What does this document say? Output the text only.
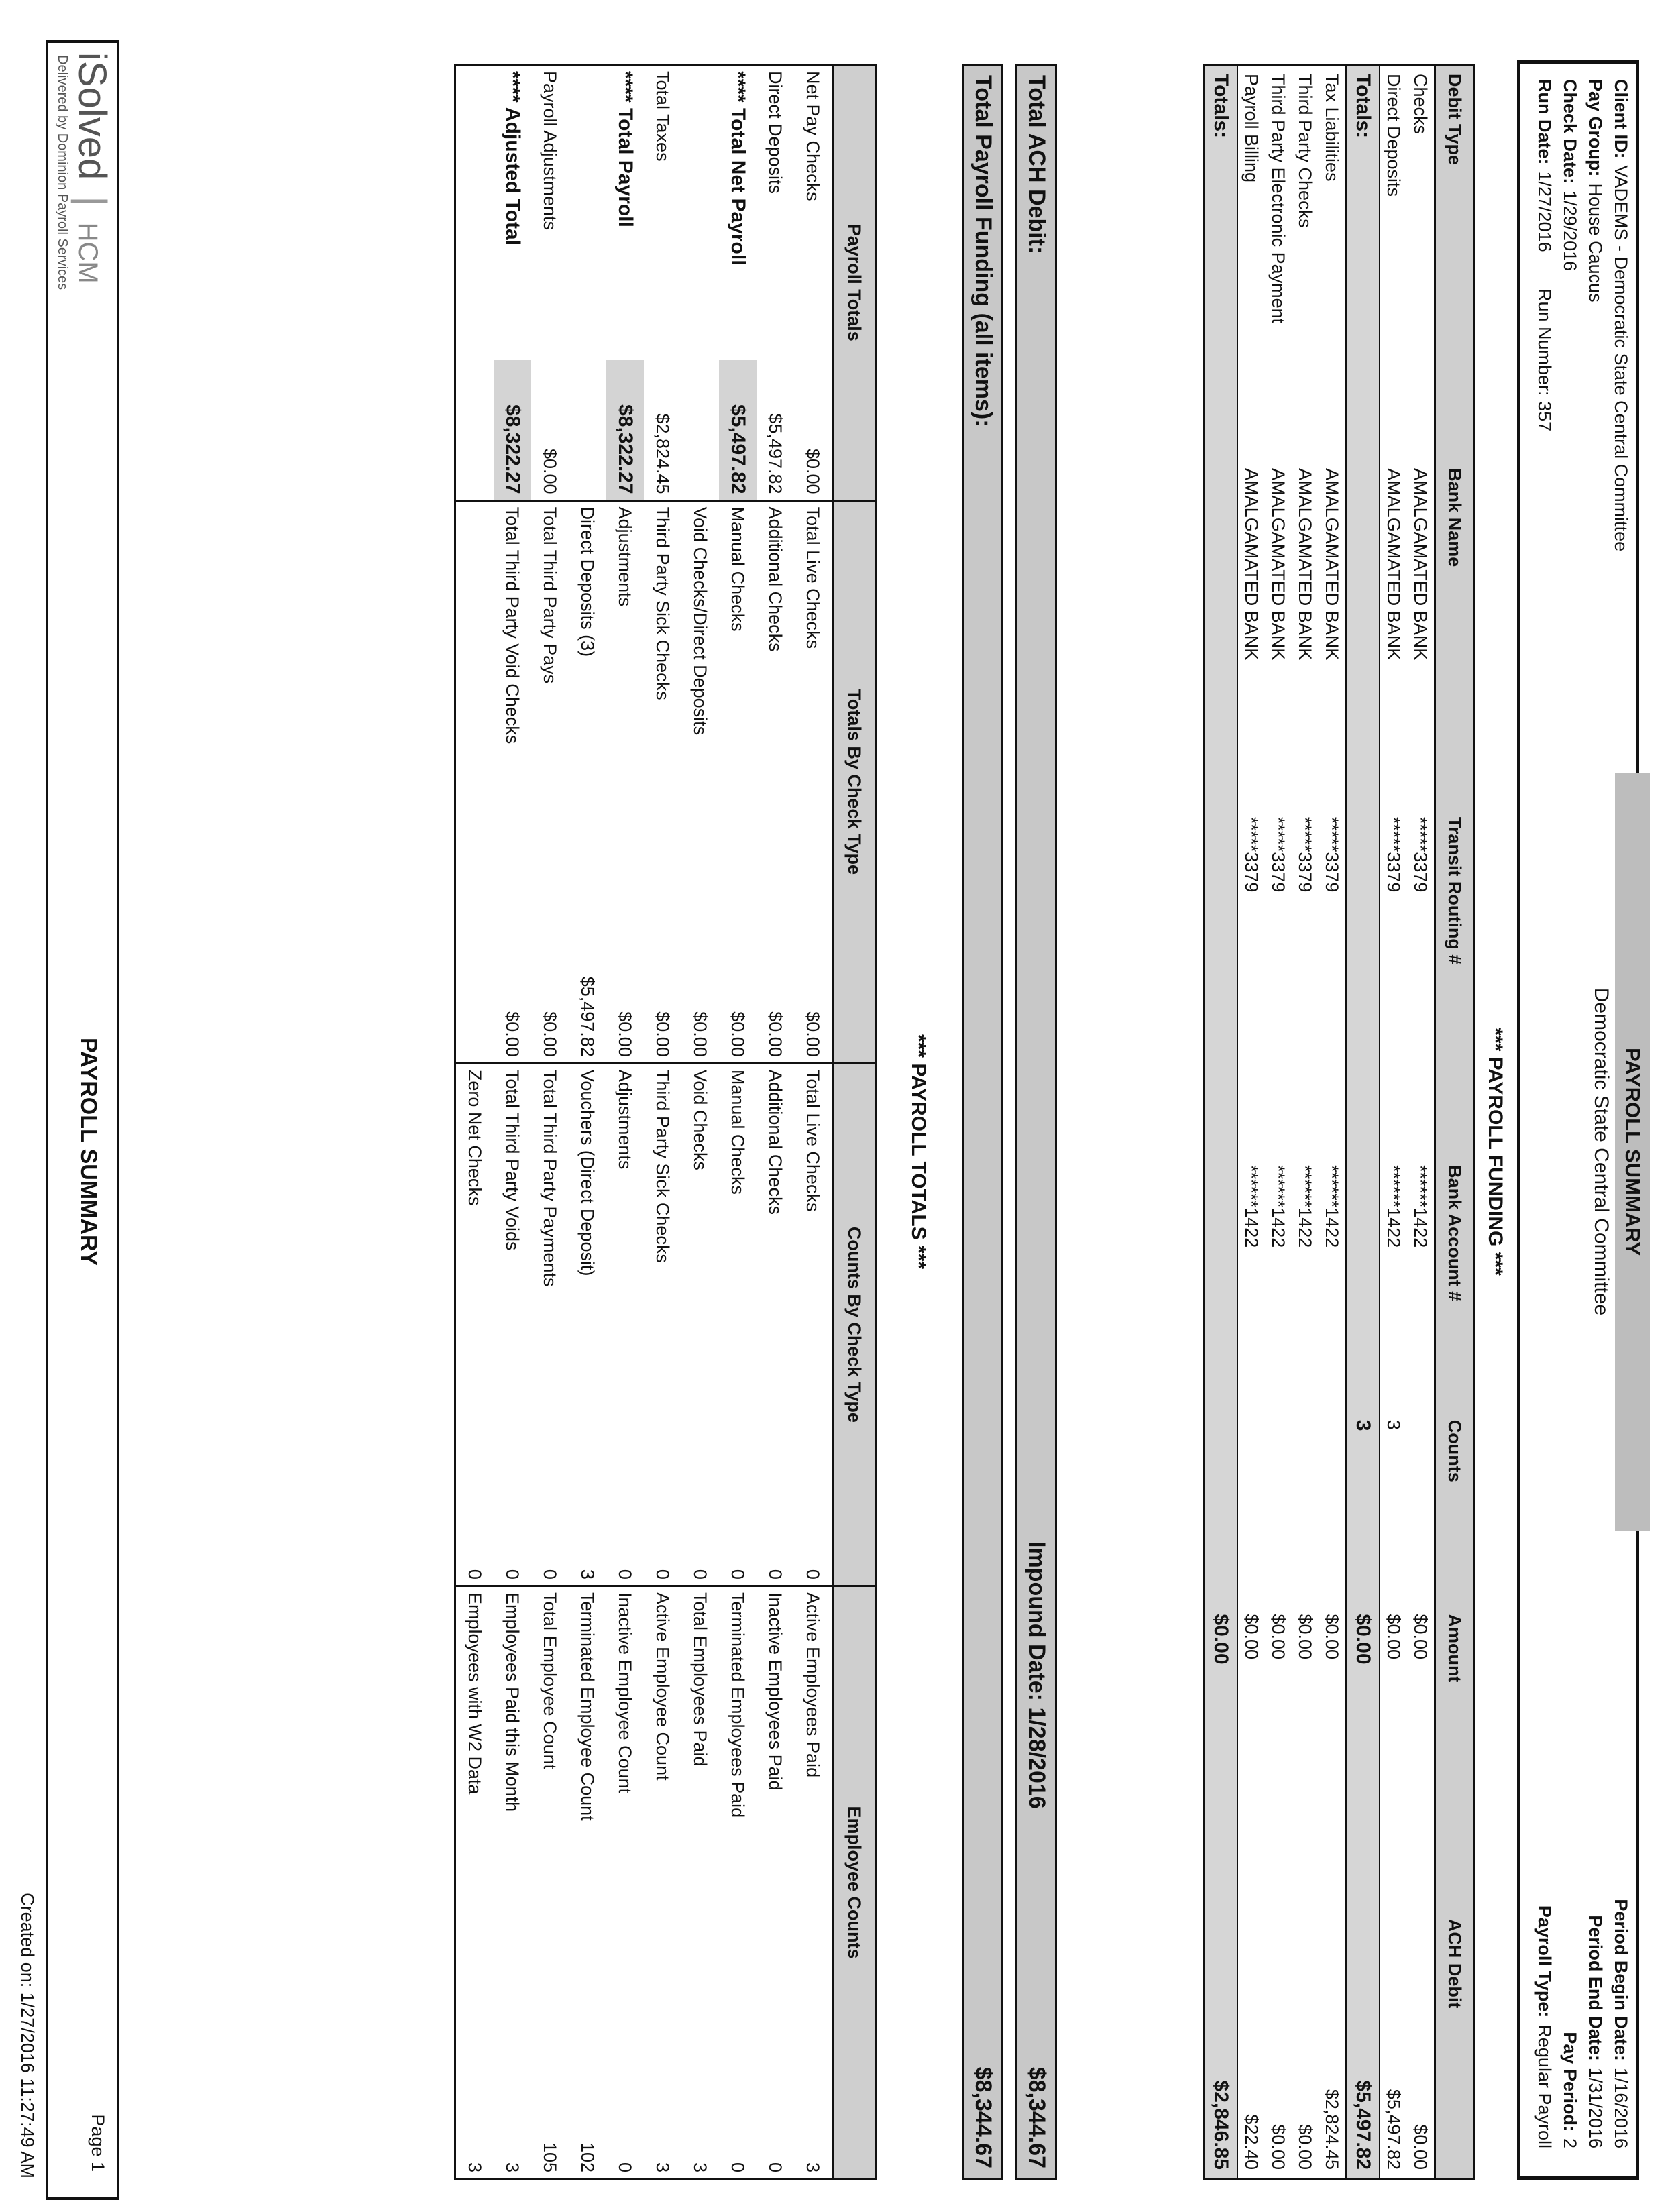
Client ID:VADEMS - Democratic State Central Committee
Pay Group:House Caucus
Check Date:1/29/2016
Run Date:1/27/2016
Run Number: 357
PAYROLL SUMMARY
Democratic State Central Committee
Period Begin Date:1/16/2016
Period End Date:1/31/2016
Pay Period:2
Payroll Type:Regular Payroll
*** PAYROLL FUNDING ***
Debit Type	Bank Name	Transit Routing #	Bank Account #	Counts	Amount	ACH Debit
Checks	AMALGAMATED BANK	*****3379	******1422		$0.00	$0.00
Direct Deposits	AMALGAMATED BANK	*****3379	******1422	3	$0.00	$5,497.82
Totals:				3	$0.00	$5,497.82
Tax Liabilities	AMALGAMATED BANK	*****3379	******1422		$0.00	$2,824.45
Third Party Checks	AMALGAMATED BANK	*****3379	******1422		$0.00	$0.00
Third Party Electronic Payment	AMALGAMATED BANK	*****3379	******1422		$0.00	$0.00
Payroll Billing	AMALGAMATED BANK	*****3379	******1422		$0.00	$22.40
Totals:					$0.00	$2,846.85
Total ACH Debit:
Impound Date: 1/28/2016
$8,344.67
Total Payroll Funding (all items):
$8,344.67
*** PAYROLL TOTALS ***
Payroll Totals		Totals By Check Type		Counts By Check Type		Employee Counts	
Net Pay Checks	$0.00	Total Live Checks	$0.00	Total Live Checks	0	Active Employees Paid	3
Direct Deposits	$5,497.82	Additional Checks	$0.00	Additional Checks	0	Inactive Employees Paid	0
**** Total Net Payroll	$5,497.82	Manual Checks	$0.00	Manual Checks	0	Terminated Employees Paid	0
		Void Checks/Direct Deposits	$0.00	Void Checks	0	Total Employees Paid	3
Total Taxes	$2,824.45	Third Party Sick Checks	$0.00	Third Party Sick Checks	0	Active Employee Count	3
**** Total Payroll	$8,322.27	Adjustments	$0.00	Adjustments	0	Inactive Employee Count	0
		Direct Deposits (3)	$5,497.82	Vouchers (Direct Deposit)	3	Terminated Employee Count	102
Payroll Adjustments	$0.00	Total Third Party Pays	$0.00	Total Third Party Payments	0	Total Employee Count	105
**** Adjusted Total	$8,322.27	Total Third Party Void Checks	$0.00	Total Third Party Voids	0	Employees Paid this Month	3
				Zero Net Checks	0	Employees with W2 Data	3
iSolved | HCM
Delivered by Dominion Payroll Services
PAYROLL SUMMARY
Page 1
Created on: 1/27/2016 11:27:49 AM
